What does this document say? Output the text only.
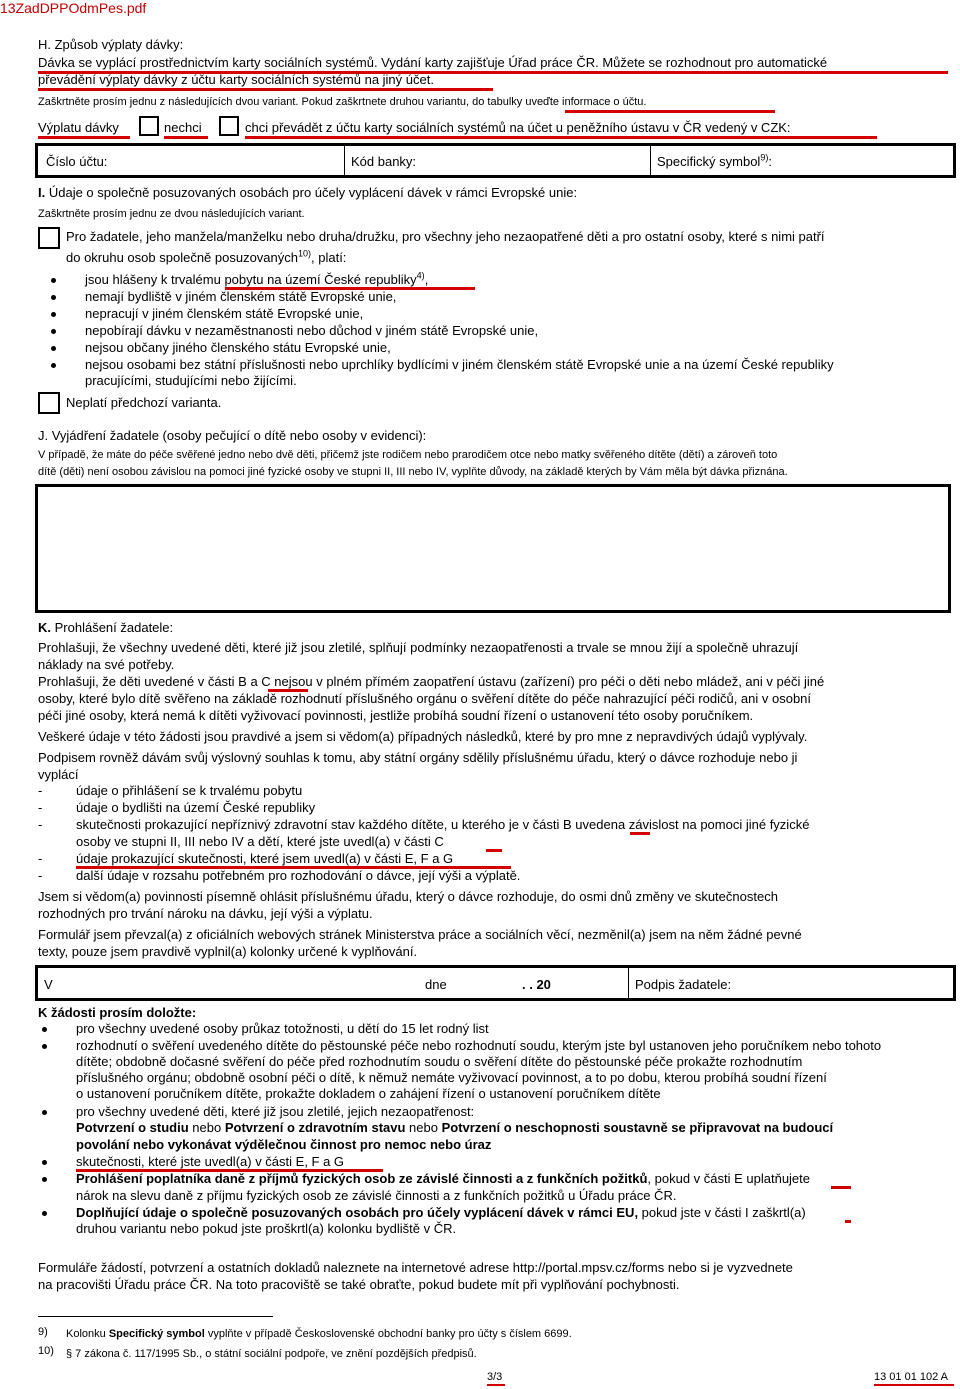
13ZadDPPOdmPes.pdf
H. Způsob výplaty dávky:
Dávka se vyplácí prostřednictvím karty sociálních systémů. Vydání karty zajišťuje Úřad práce ČR. Můžete se rozhodnout pro automatické
převádění výplaty dávky z účtu karty sociálních systémů na jiný účet.
Zaškrtněte prosím jednu z následujících dvou variant. Pokud zaškrtnete druhou variantu, do tabulky uveďte informace o účtu.
Výplatu dávky	nechci	chci převádět z účtu karty sociálních systémů na účet u peněžního ústavu v ČR vedený v CZK:
Číslo účtu:	Kód banky:	Specifický symbol$^{9)}$:
I. Údaje o společně posuzovaných osobách pro účely vyplácení dávek v rámci Evropské unie:
Zaškrtněte prosím jednu ze dvou následujících variant.
Pro žadatele, jeho manžela/manželku nebo druha/družku, pro všechny jeho nezaopatřené děti a pro ostatní osoby, které s nimi patří
do okruhu osob společně posuzovaných$^{10)}$, platí:
jsou hlášeny k trvalému pobytu na území České republiky$^{4)}$,
nemají bydliště v jiném členském státě Evropské unie,
nepracují v jiném členském státě Evropské unie,
nepobírají dávku v nezaměstnanosti nebo důchod v jiném státě Evropské unie,
nejsou občany jiného členského státu Evropské unie,
nejsou osobami bez státní příslušnosti nebo uprchlíky bydlícími v jiném členském státě Evropské unie a na území České republiky
pracujícími, studujícími nebo žijícími.
Neplatí předchozí varianta.
J. Vyjádření žadatele (osoby pečující o dítě nebo osoby v evidenci):
V případě, že máte do péče svěřené jedno nebo dvě děti, přičemž jste rodičem nebo prarodičem otce nebo matky svěřeného dítěte (dětí) a zároveň toto
dítě (děti) není osobou závislou na pomoci jiné fyzické osoby ve stupni II, III nebo IV, vyplňte důvody, na základě kterých by Vám měla být dávka přiznána.
K. Prohlášení žadatele:
Prohlašuji, že všechny uvedené děti, které již jsou zletilé, splňují podmínky nezaopatřenosti a trvale se mnou žijí a společně uhrazují
náklady na své potřeby.
Prohlašuji, že děti uvedené v části B a C nejsou v plném přímém zaopatření ústavu (zařízení) pro péči o děti nebo mládež, ani v péči jiné
osoby, které bylo dítě svěřeno na základě rozhodnutí příslušného orgánu o svěření dítěte do péče nahrazující péči rodičů, ani v osobní
péči jiné osoby, která nemá k dítěti vyživovací povinnosti, jestliže probíhá soudní řízení o ustanovení této osoby poručníkem.
Veškeré údaje v této žádosti jsou pravdivé a jsem si vědom(a) případných následků, které by pro mne z nepravdivých údajů vyplývaly.
Podpisem rovněž dávám svůj výslovný souhlas k tomu, aby státní orgány sdělily příslušnému úřadu, který o dávce rozhoduje nebo ji
vyplácí
-	údaje o přihlášení se k trvalému pobytu
-	údaje o bydlišti na území České republiky
-	skutečnosti prokazující nepříznivý zdravotní stav každého dítěte, u kterého je v části B uvedena závislost na pomoci jiné fyzické
osoby ve stupni II, III nebo IV a dětí, které jste uvedl(a) v části C
-	údaje prokazující skutečnosti, které jsem uvedl(a) v části E, F a G
-	další údaje v rozsahu potřebném pro rozhodování o dávce, její výši a výplatě.
Jsem si vědom(a) povinnosti písemně ohlásit příslušnému úřadu, který o dávce rozhoduje, do osmi dnů změny ve skutečnostech
rozhodných pro trvání nároku na dávku, její výši a výplatu.
Formulář jsem převzal(a) z oficiálních webových stránek Ministerstva práce a sociálních věcí, nezměnil(a) jsem na něm žádné pevné
texty, pouze jsem pravdivě vyplnil(a) kolonky určené k vyplňování.
V	dne	. . 20	Podpis žadatele:
K žádosti prosím doložte:
pro všechny uvedené osoby průkaz totožnosti, u dětí do 15 let rodný list
rozhodnutí o svěření uvedeného dítěte do pěstounské péče nebo rozhodnutí soudu, kterým jste byl ustanoven jeho poručníkem nebo tohoto
dítěte; obdobně dočasné svěření do péče před rozhodnutím soudu o svěření dítěte do pěstounské péče prokažte rozhodnutím
příslušného orgánu; obdobně osobní péči o dítě, k němuž nemáte vyživovací povinnost, a to po dobu, kterou probíhá soudní řízení
o ustanovení poručníkem dítěte, prokažte dokladem o zahájení řízení o ustanovení poručníkem dítěte
pro všechny uvedené děti, které již jsou zletilé, jejich nezaopatřenost:
Potvrzení o studiu nebo Potvrzení o zdravotním stavu nebo Potvrzení o neschopnosti soustavně se připravovat na budoucí
povolání nebo vykonávat výdělečnou činnost pro nemoc nebo úraz
skutečnosti, které jste uvedl(a) v části E, F a G
Prohlášení poplatníka daně z příjmů fyzických osob ze závislé činnosti a z funkčních požitků, pokud v části E uplatňujete
nárok na slevu daně z příjmu fyzických osob ze závislé činnosti a z funkčních požitků u Úřadu práce ČR.
Doplňující údaje o společně posuzovaných osobách pro účely vyplácení dávek v rámci EU, pokud jste v části I zaškrtl(a)
druhou variantu nebo pokud jste proškrtl(a) kolonku bydliště v ČR.
Formuláře žádostí, potvrzení a ostatních dokladů naleznete na internetové adrese http://portal.mpsv.cz/forms nebo si je vyzvednete
na pracovišti Úřadu práce ČR. Na toto pracoviště se také obraťte, pokud budete mít při vyplňování pochybnosti.
9) Kolonku Specifický symbol vyplňte v případě Československé obchodní banky pro účty s číslem 6699.
10) § 7 zákona č. 117/1995 Sb., o státní sociální podpoře, ve znění pozdějších předpisů.
3/3	13 01 01 102 A
